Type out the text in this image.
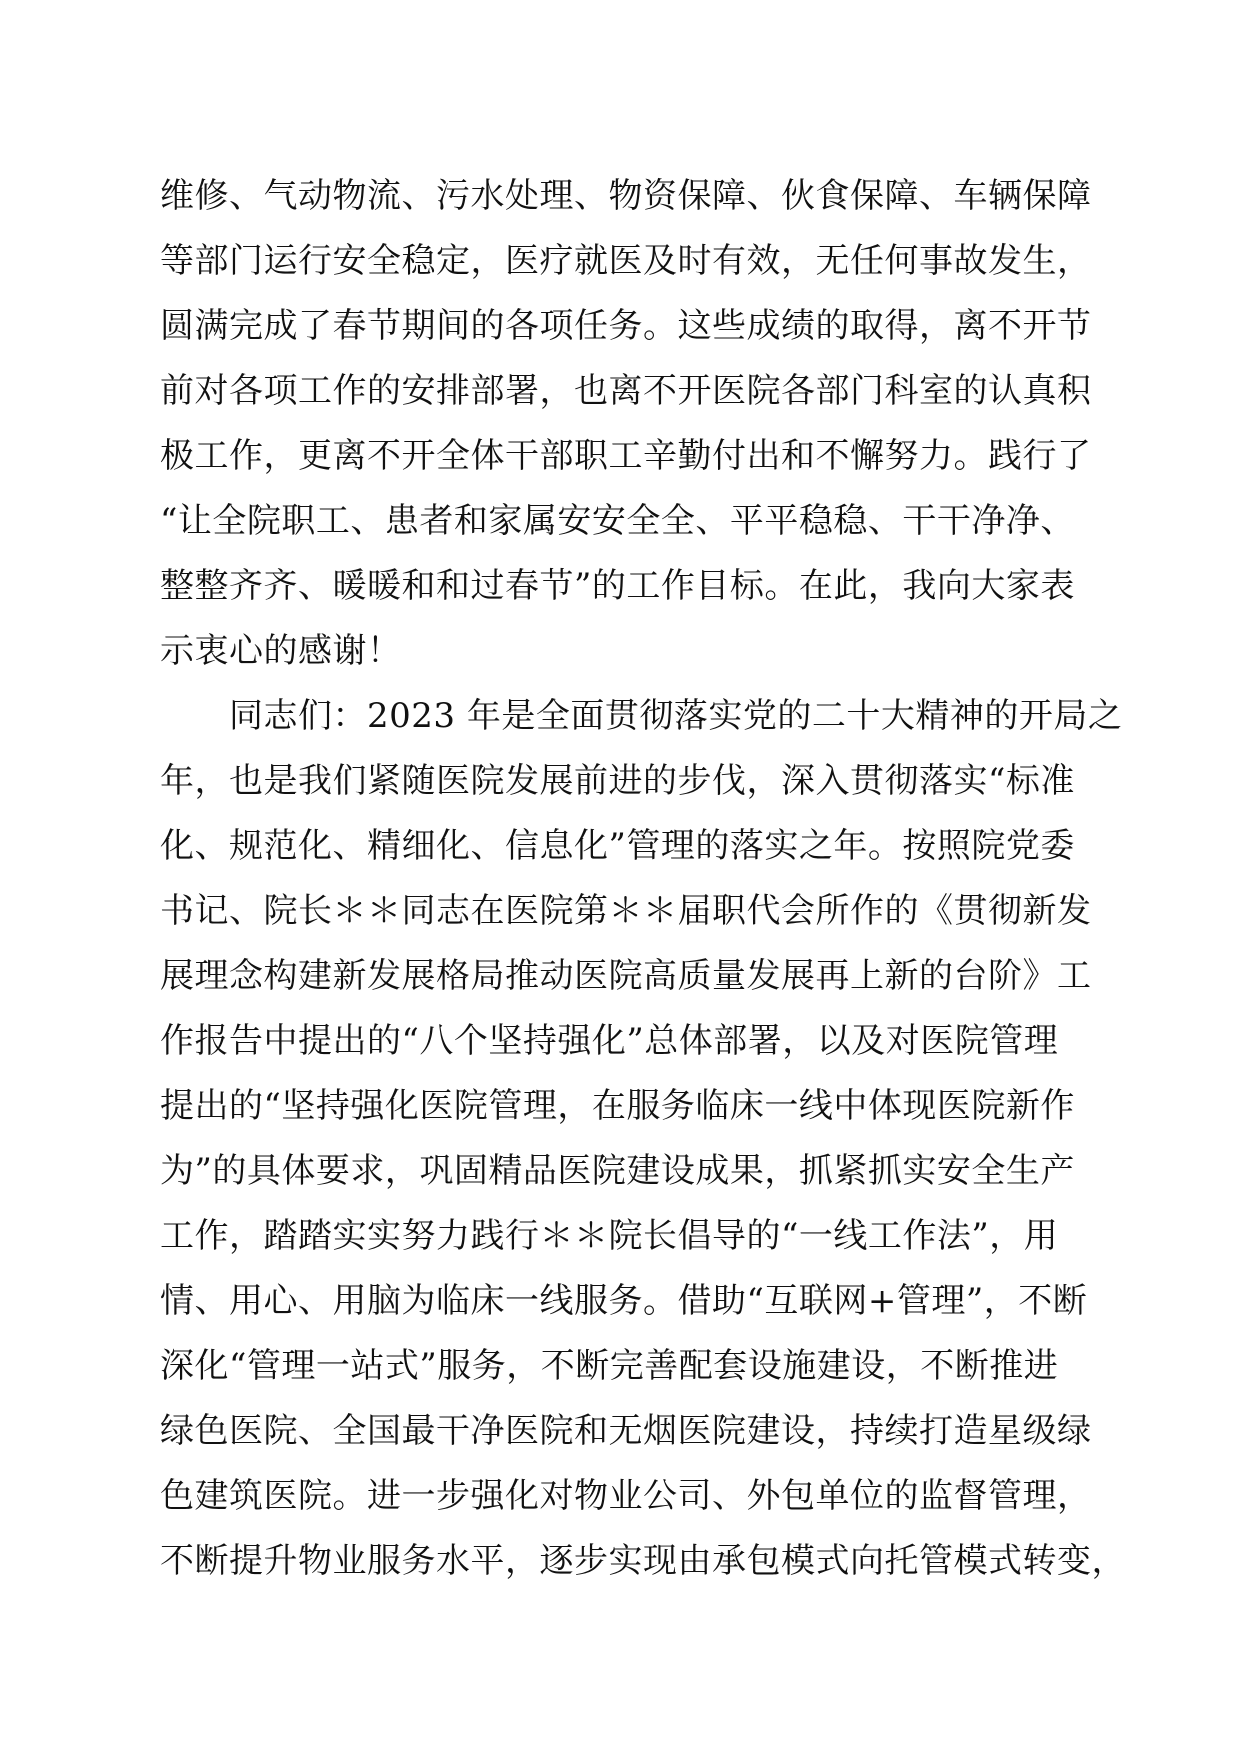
维修、气动物流、污水处理、物资保障、伙食保障、车辆保障
等部门运行安全稳定，医疗就医及时有效，无任何事故发生，
圆满完成了春节期间的各项任务。这些成绩的取得，离不开节
前对各项工作的安排部署，也离不开医院各部门科室的认真积
极工作，更离不开全体干部职工辛勤付出和不懈努力。践行了
“让全院职工、患者和家属安安全全、平平稳稳、干干净净、
整整齐齐、暖暖和和过春节”的工作目标。在此，我向大家表
示衷心的感谢！
　　同志们：2023 年是全面贯彻落实党的二十大精神的开局之
年，也是我们紧随医院发展前进的步伐，深入贯彻落实“标准
化、规范化、精细化、信息化”管理的落实之年。按照院党委
书记、院长＊＊同志在医院第＊＊届职代会所作的《贯彻新发
展理念构建新发展格局推动医院高质量发展再上新的台阶》工
作报告中提出的“八个坚持强化”总体部署，以及对医院管理
提出的“坚持强化医院管理，在服务临床一线中体现医院新作
为”的具体要求，巩固精品医院建设成果，抓紧抓实安全生产
工作，踏踏实实努力践行＊＊院长倡导的“一线工作法”，用
情、用心、用脑为临床一线服务。借助“互联网+管理”，不断
深化“管理一站式”服务，不断完善配套设施建设，不断推进
绿色医院、全国最干净医院和无烟医院建设，持续打造星级绿
色建筑医院。进一步强化对物业公司、外包单位的监督管理，
不断提升物业服务水平，逐步实现由承包模式向托管模式转变，
